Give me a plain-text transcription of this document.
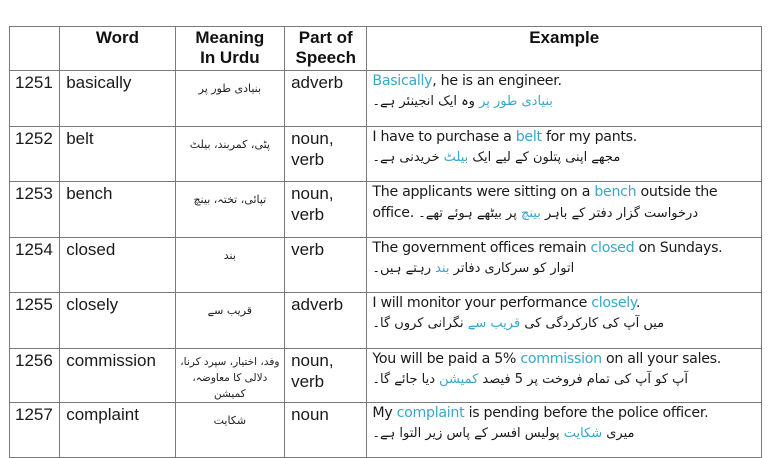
	Word	Meaning
In Urdu	Part of
Speech	Example
1251	basically	بنیادی طور پر	adverb	Basically, he is an engineer.
بنیادی طور پر وہ ایک انجینئر ہے۔

1252	belt	پٹی، کمربند، بیلٹ	noun,
verb	I have to purchase a belt for my pants.
مجھے اپنی پتلون کے لیے ایک بیلٹ خریدنی ہے۔

1253	bench	تپائی، تختہ، بینچ	noun,
verb	The applicants were sitting on a bench outside the
office. درخواست گزار دفتر کے باہر بینچ پر بیٹھے ہوئے تھے۔

1254	closed	بند	verb	The government offices remain closed on Sundays.
اتوار کو سرکاری دفاتر بند رہتے ہیں۔

1255	closely	قریب سے	adverb	I will monitor your performance closely.
میں آپ کی کارکردگی کی قریب سے نگرانی کروں گا۔

1256	commission	وفد، اختیار، سپرد کرنا،
دلالی کا معاوضہ، کمیشن	noun,
verb	You will be paid a 5% commission on all your sales.
آپ کو آپ کی تمام فروخت پر 5 فیصد کمیشن دیا جائے گا۔

1257	complaint	شکایت	noun	My complaint is pending before the police officer.
میری شکایت پولیس افسر کے پاس زیر التوا ہے۔
